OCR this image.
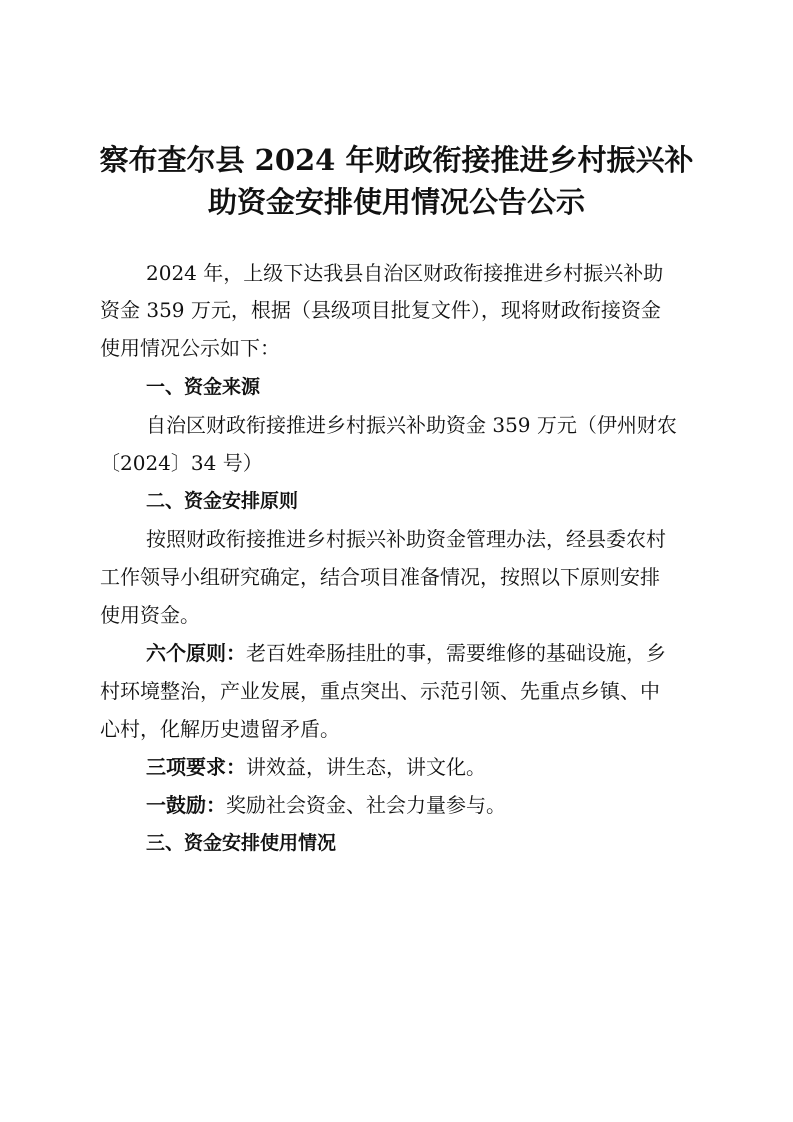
察布查尔县 2024 年财政衔接推进乡村振兴补
助资金安排使用情况公告公示

2024 年，上级下达我县自治区财政衔接推进乡村振兴补助

资金 359 万元，根据（县级项目批复文件），现将财政衔接资金

使用情况公示如下：

一、资金来源

自治区财政衔接推进乡村振兴补助资金 359 万元（伊州财农

〔2024〕34 号）

二、资金安排原则

按照财政衔接推进乡村振兴补助资金管理办法，经县委农村

工作领导小组研究确定，结合项目准备情况，按照以下原则安排

使用资金。

六个原则：老百姓牵肠挂肚的事，需要维修的基础设施，乡

村环境整治，产业发展，重点突出、示范引领、先重点乡镇、中

心村，化解历史遗留矛盾。

三项要求：讲效益，讲生态，讲文化。

一鼓励：奖励社会资金、社会力量参与。

三、资金安排使用情况
